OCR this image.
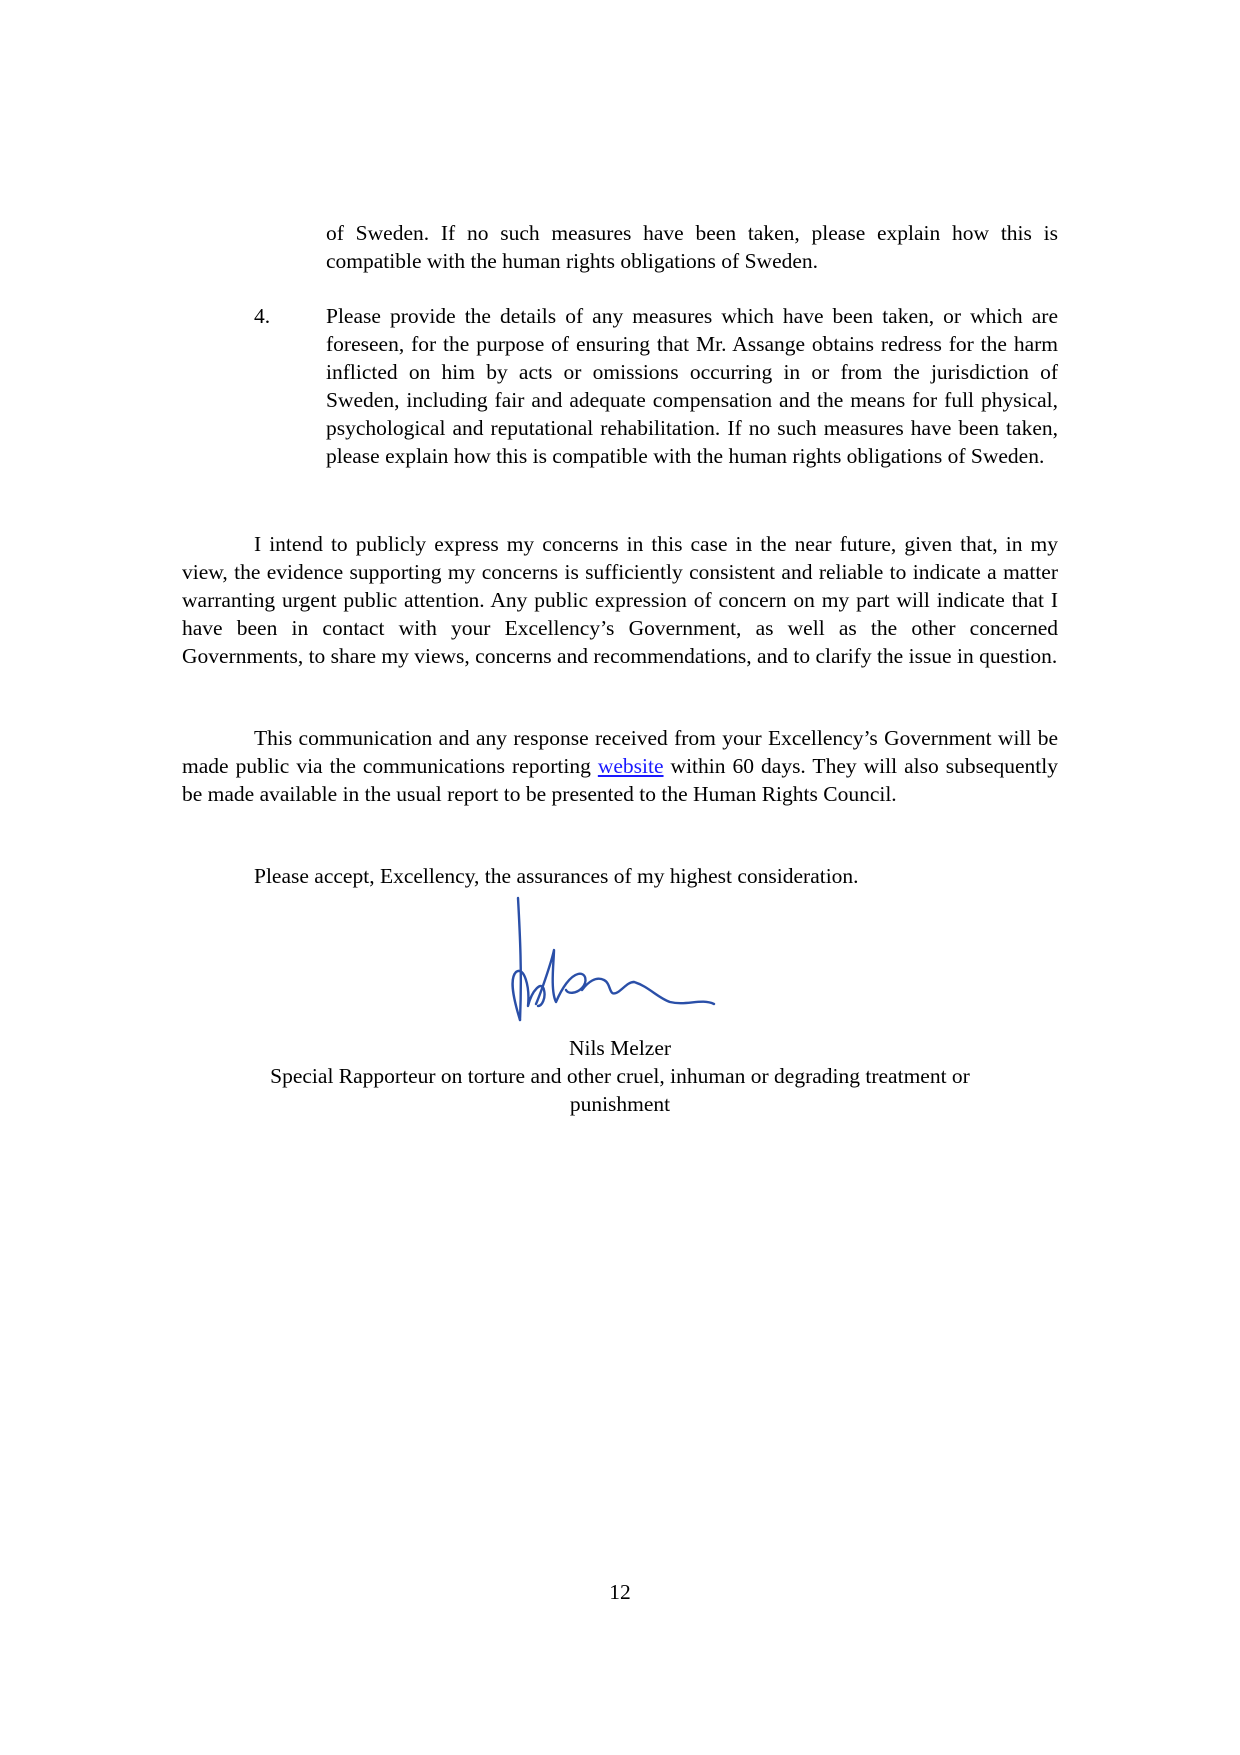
of Sweden. If no such measures have been taken, please explain how this is compatible with the human rights obligations of Sweden.
4.	Please provide the details of any measures which have been taken, or which are foreseen, for the purpose of ensuring that Mr. Assange obtains redress for the harm inflicted on him by acts or omissions occurring in or from the jurisdiction of Sweden, including fair and adequate compensation and the means for full physical, psychological and reputational rehabilitation. If no such measures have been taken, please explain how this is compatible with the human rights obligations of Sweden.

I intend to publicly express my concerns in this case in the near future, given that, in my view, the evidence supporting my concerns is sufficiently consistent and reliable to indicate a matter warranting urgent public attention. Any public expression of concern on my part will indicate that I have been in contact with your Excellency’s Government, as well as the other concerned Governments, to share my views, concerns and recommendations, and to clarify the issue in question.

This communication and any response received from your Excellency’s Government will be made public via the communications reporting website within 60 days. They will also subsequently be made available in the usual report to be presented to the Human Rights Council.

Please accept, Excellency, the assurances of my highest consideration.

Nils Melzer
Special Rapporteur on torture and other cruel, inhuman or degrading treatment or
punishment
12
